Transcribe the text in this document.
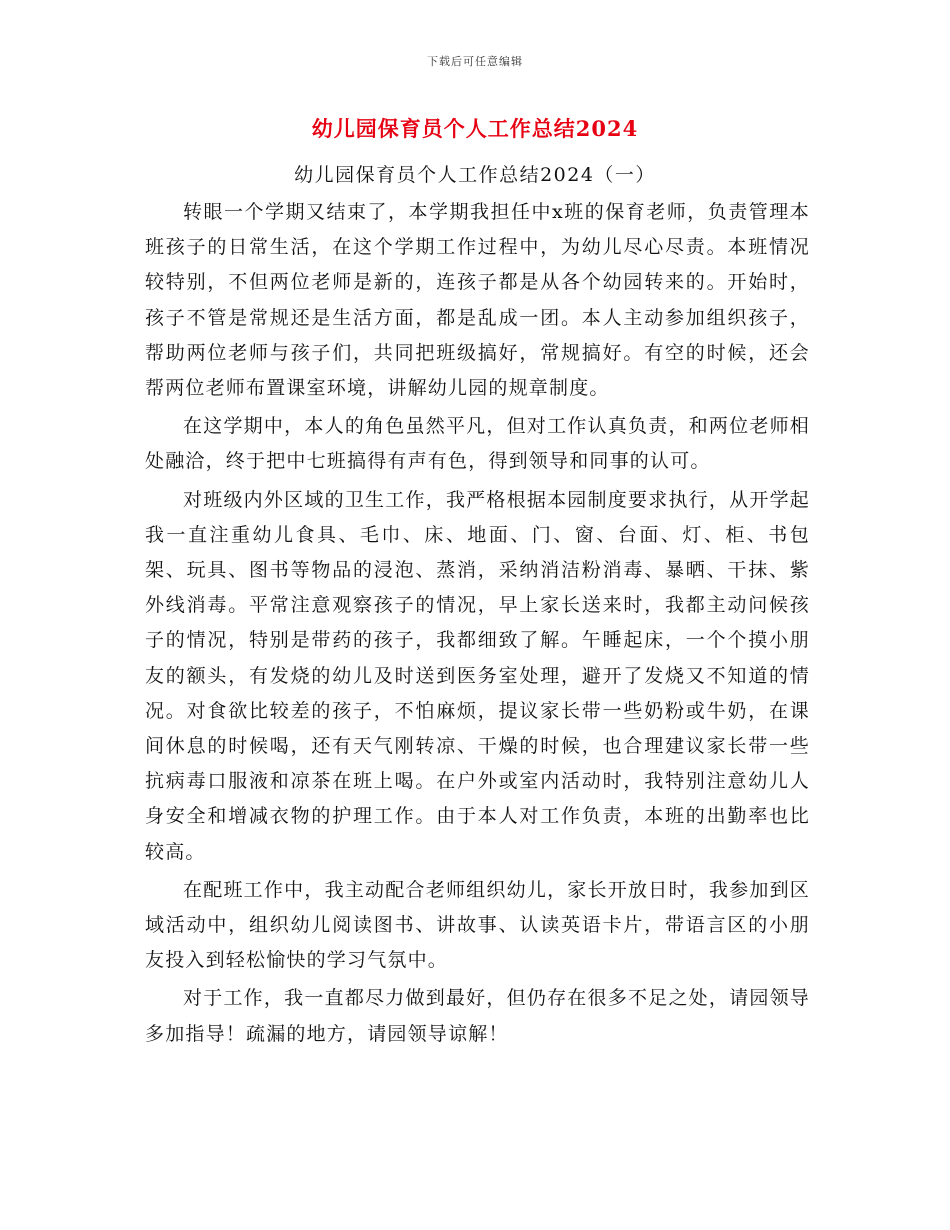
下载后可任意编辑
幼儿园保育员个人工作总结2024
幼儿园保育员个人工作总结2024（一）

转眼一个学期又结束了，本学期我担任中x班的保育老师，负责管理本班孩子的日常生活，在这个学期工作过程中，为幼儿尽心尽责。本班情况较特别，不但两位老师是新的，连孩子都是从各个幼园转来的。开始时，孩子不管是常规还是生活方面，都是乱成一团。本人主动参加组织孩子，帮助两位老师与孩子们，共同把班级搞好，常规搞好。有空的时候，还会帮两位老师布置课室环境，讲解幼儿园的规章制度。

在这学期中，本人的角色虽然平凡，但对工作认真负责，和两位老师相处融洽，终于把中七班搞得有声有色，得到领导和同事的认可。

对班级内外区域的卫生工作，我严格根据本园制度要求执行，从开学起我一直注重幼儿食具、毛巾、床、地面、门、窗、台面、灯、柜、书包架、玩具、图书等物品的浸泡、蒸消，采纳消洁粉消毒、暴晒、干抹、紫外线消毒。平常注意观察孩子的情况，早上家长送来时，我都主动问候孩子的情况，特别是带药的孩子，我都细致了解。午睡起床，一个个摸小朋友的额头，有发烧的幼儿及时送到医务室处理，避开了发烧又不知道的情况。对食欲比较差的孩子，不怕麻烦，提议家长带一些奶粉或牛奶，在课间休息的时候喝，还有天气刚转凉、干燥的时候，也合理建议家长带一些抗病毒口服液和凉茶在班上喝。在户外或室内活动时，我特别注意幼儿人身安全和增减衣物的护理工作。由于本人对工作负责，本班的出勤率也比较高。

在配班工作中，我主动配合老师组织幼儿，家长开放日时，我参加到区域活动中，组织幼儿阅读图书、讲故事、认读英语卡片，带语言区的小朋友投入到轻松愉快的学习气氛中。

对于工作，我一直都尽力做到最好，但仍存在很多不足之处，请园领导多加指导！疏漏的地方，请园领导谅解！
